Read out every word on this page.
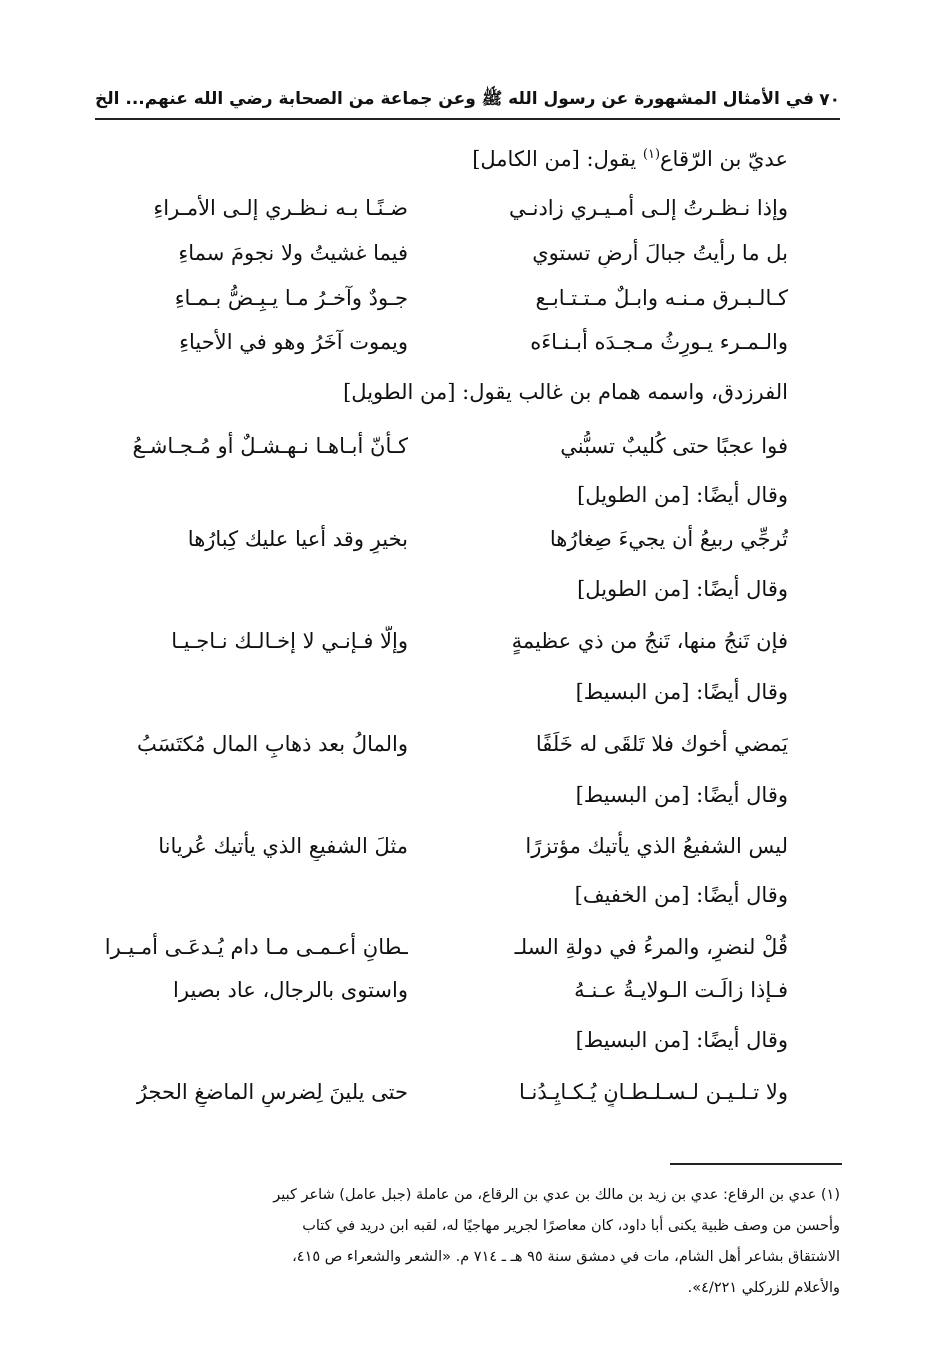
٧٠
في الأمثال المشهورة عن رسول الله ﷺ وعن جماعة من الصحابة رضي الله عنهم... الخ
عديّ بن الرّقاع$^{(١)}$ يقول: [من الكامل]
وإذا نـظـرتُ إلـى أمـيـري زادنـي
ضـنًـا بـه نـظـري إلـى الأمـراءِ
بل ما رأيتُ جبالَ أرضٍ تستوي
فيما غشيتُ ولا نجومَ سماءِ
كـالـبـرق مـنـه وابـلٌ مـتـتـابـع
جـودٌ وآخـرُ مـا يـبِـضُّ بـمـاءِ
والـمـرء يـورِثُ مـجـدَه أبـنـاءَه
ويموت آخَرُ وهو في الأحياءِ
الفرزدق، واسمه همام بن غالب يقول: [من الطويل]
فوا عجبًا حتى كُليبٌ تسبُّني
كـأنّ أبـاهـا نـهـشـلٌ أو مُـجـاشـعُ
وقال أيضًا: [من الطويل]
تُرجِّي ربيعُ أن يجيءَ صِغارُها
بخيرٍ وقد أعيا عليك كِبارُها
وقال أيضًا: [من الطويل]
فإن تَنجُ منها، تَنجُ من ذي عظيمةٍ
وإلّا فـإنـي لا إخـالـك نـاجـيـا
وقال أيضًا: [من البسيط]
يَمضي أخوك فلا تَلقَى له خَلَفًا
والمالُ بعد ذهابِ المال مُكتَسَبُ
وقال أيضًا: [من البسيط]
ليس الشفيعُ الذي يأتيك مؤتزرًا
مثلَ الشفيعِ الذي يأتيك عُريانا
وقال أيضًا: [من الخفيف]
قُلْ لنضرٍ، والمرءُ في دولةِ السلـ
ـطانِ أعـمـى مـا دام يُـدعَـى أمـيـرا
فـإذا زالَـت الـولايـةُ عـنـهُ
واستوى بالرجال، عاد بصيرا
وقال أيضًا: [من البسيط]
ولا تـلـيـن لـسـلـطـانٍ يُـكـايِـدُنـا
حتى يلينَ لِضرسِ الماضغِ الحجرُ
(١) عدي بن الرقاع: عدي بن زيد بن مالك بن عدي بن الرقاع، من عاملة (جبل عامل) شاعر كبير
وأحسن من وصف ظبية يكنى أبا داود، كان معاصرًا لجرير مهاجيًا له، لقبه ابن دريد في كتاب
الاشتقاق بشاعر أهل الشام، مات في دمشق سنة ٩٥ هـ ـ ٧١٤ م. «الشعر والشعراء ص ٤١٥،
والأعلام للزركلي ٤/٢٢١».
